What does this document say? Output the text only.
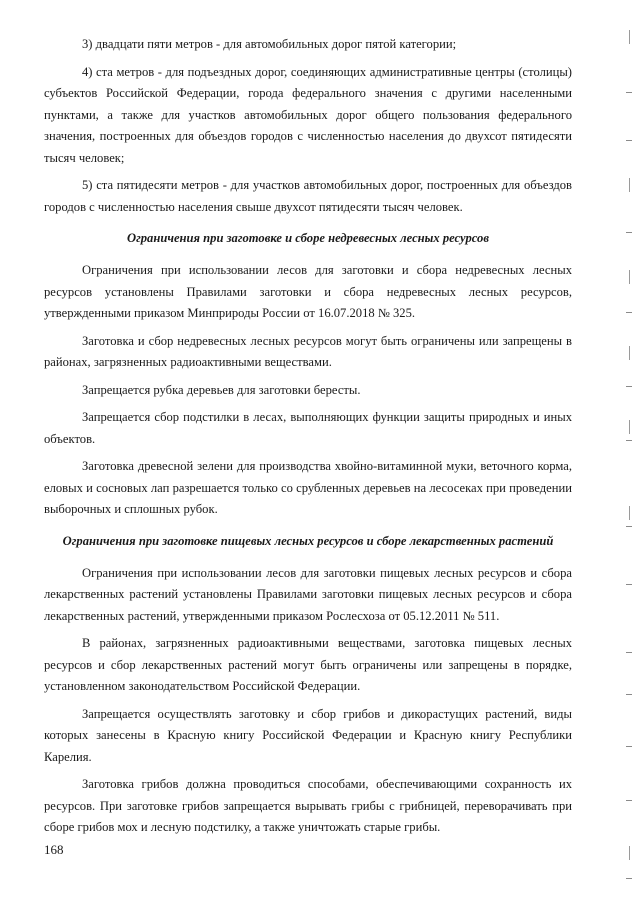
3) двадцати пяти метров - для автомобильных дорог пятой категории;

4) ста метров - для подъездных дорог, соединяющих административные центры (столицы) субъектов Российской Федерации, города федерального значения с другими населенными пунктами, а также для участков автомобильных дорог общего пользования федерального значения, построенных для объездов городов с численностью населения до двухсот пятидесяти тысяч человек;

5) ста пятидесяти метров - для участков автомобильных дорог, построенных для объездов городов с численностью населения свыше двухсот пятидесяти тысяч человек.

Ограничения при заготовке и сборе недревесных лесных ресурсов

Ограничения при использовании лесов для заготовки и сбора недревесных лесных ресурсов установлены Правилами заготовки и сбора недревесных лесных ресурсов, утвержденными приказом Минприроды России от 16.07.2018 № 325.

Заготовка и сбор недревесных лесных ресурсов могут быть ограничены или запрещены в районах, загрязненных радиоактивными веществами.

Запрещается рубка деревьев для заготовки бересты.

Запрещается сбор подстилки в лесах, выполняющих функции защиты природных и иных объектов.

Заготовка древесной зелени для производства хвойно-витаминной муки, веточного корма, еловых и сосновых лап разрешается только со срубленных деревьев на лесосеках при проведении выборочных и сплошных рубок.

Ограничения при заготовке пищевых лесных ресурсов и сборе лекарственных растений

Ограничения при использовании лесов для заготовки пищевых лесных ресурсов и сбора лекарственных растений установлены Правилами заготовки пищевых лесных ресурсов и сбора лекарственных растений, утвержденными приказом Рослесхоза от 05.12.2011 № 511.

В районах, загрязненных радиоактивными веществами, заготовка пищевых лесных ресурсов и сбор лекарственных растений могут быть ограничены или запрещены в порядке, установленном законодательством Российской Федерации.

Запрещается осуществлять заготовку и сбор грибов и дикорастущих растений, виды которых занесены в Красную книгу Российской Федерации и Красную книгу Республики Карелия.

Заготовка грибов должна проводиться способами, обеспечивающими сохранность их ресурсов. При заготовке грибов запрещается вырывать грибы с грибницей, переворачивать при сборе грибов мох и лесную подстилку, а также уничтожать старые грибы.

168
